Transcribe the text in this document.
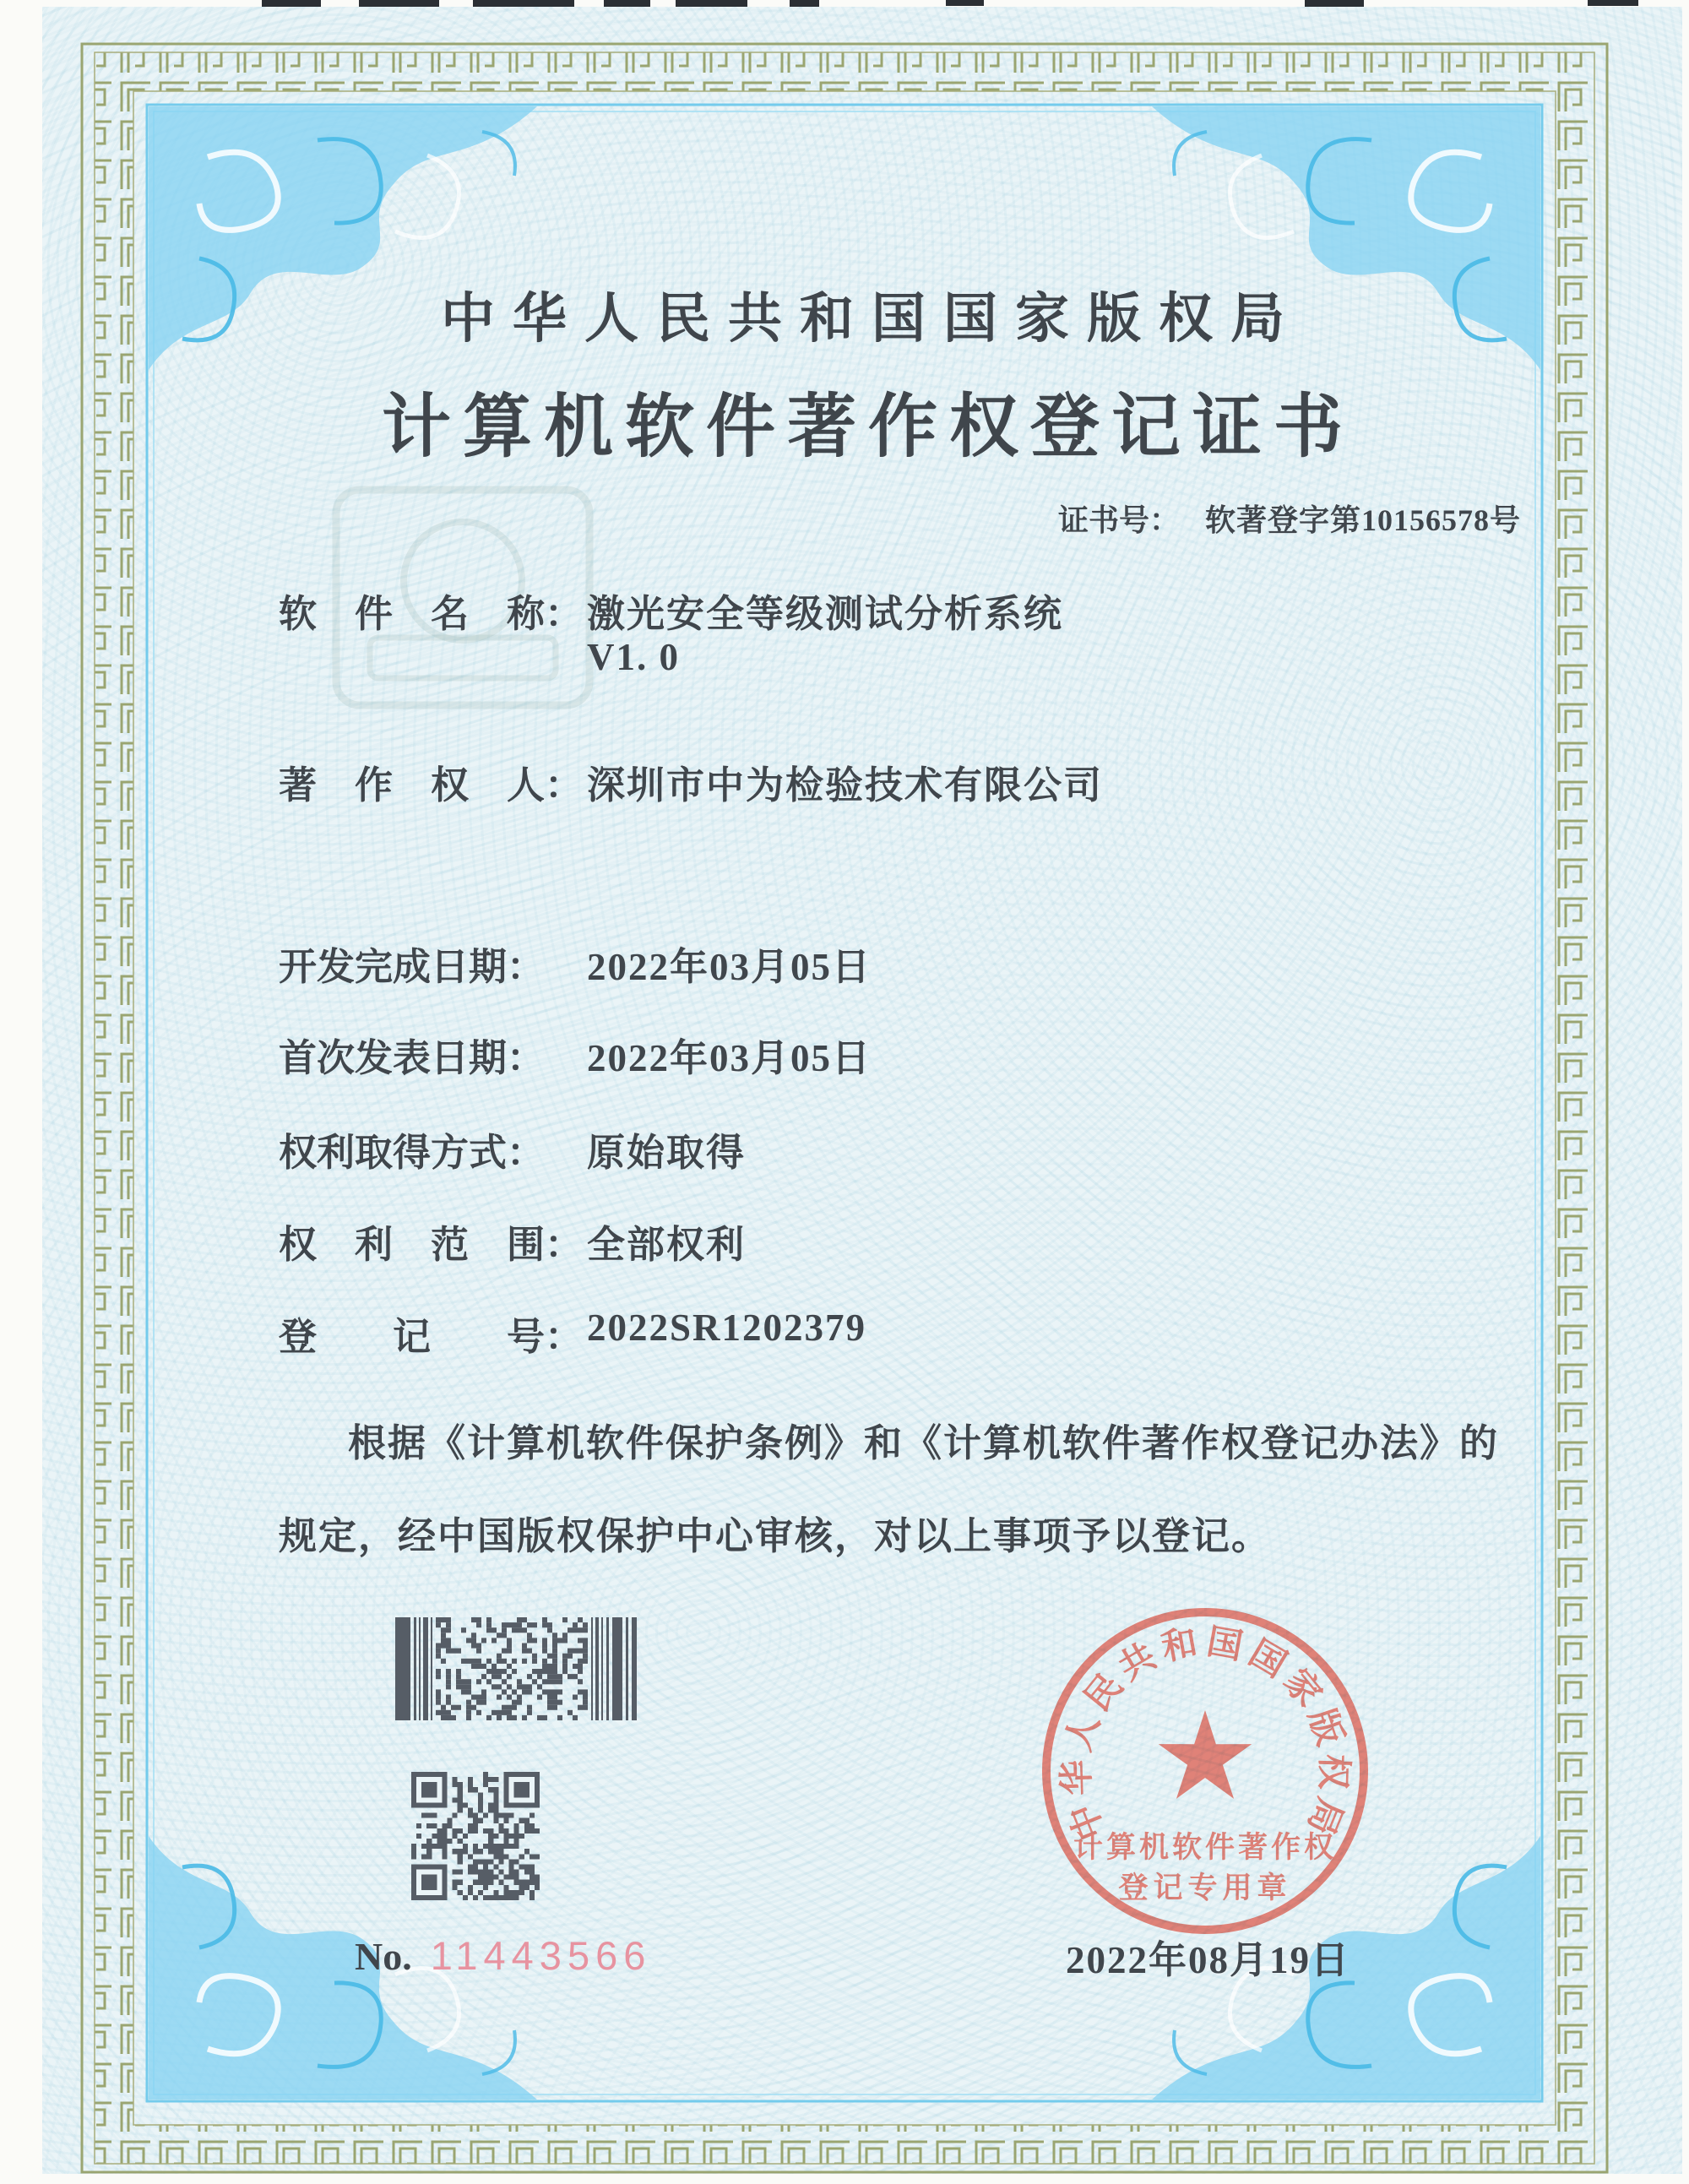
中华人民共和国国家版权局
计算机软件著作权登记证书
证书号： 软著登字第10156578号
软　件　名　称： 激光安全等级测试分析系统
V1. 0
著　作　权　人： 深圳市中为检验技术有限公司
开发完成日期： 2022年03月05日
首次发表日期： 2022年03月05日
权利取得方式： 原始取得
权　利　范　围： 全部权利
登　　记　　号： 2022SR1202379
根据《计算机软件保护条例》和《计算机软件著作权登记办法》的
规定，经中国版权保护中心审核，对以上事项予以登记。
中华人民共和国国家版权局
计算机软件著作权
登记专用章
No. 11443566	2022年08月19日
